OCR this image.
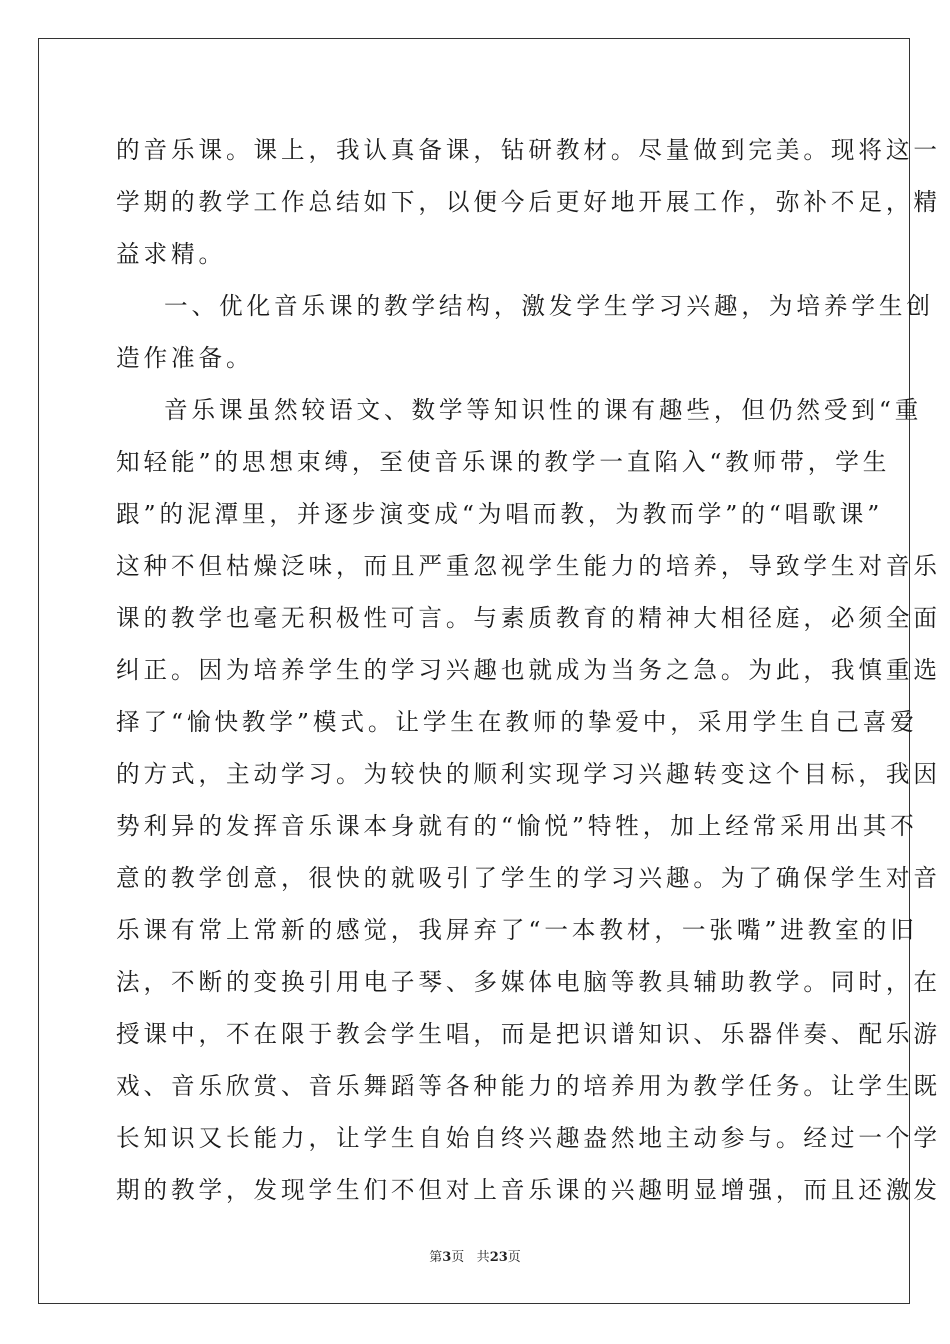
的音乐课。课上，我认真备课，钻研教材。尽量做到完美。现将这一
学期的教学工作总结如下，以便今后更好地开展工作，弥补不足，精
益求精。
一、优化音乐课的教学结构，激发学生学习兴趣，为培养学生创
造作准备。
音乐课虽然较语文、数学等知识性的课有趣些，但仍然受到“重
知轻能”的思想束缚，至使音乐课的教学一直陷入“教师带，学生
跟”的泥潭里，并逐步演变成“为唱而教，为教而学”的“唱歌课”
这种不但枯燥泛味，而且严重忽视学生能力的培养，导致学生对音乐
课的教学也毫无积极性可言。与素质教育的精神大相径庭，必须全面
纠正。因为培养学生的学习兴趣也就成为当务之急。为此，我慎重选
择了“愉快教学”模式。让学生在教师的挚爱中，采用学生自己喜爱
的方式，主动学习。为较快的顺利实现学习兴趣转变这个目标，我因
势利异的发挥音乐课本身就有的“愉悦”特牲，加上经常采用出其不
意的教学创意，很快的就吸引了学生的学习兴趣。为了确保学生对音
乐课有常上常新的感觉，我屏弃了“一本教材，一张嘴”进教室的旧
法，不断的变换引用电子琴、多媒体电脑等教具辅助教学。同时，在
授课中，不在限于教会学生唱，而是把识谱知识、乐器伴奏、配乐游
戏、音乐欣赏、音乐舞蹈等各种能力的培养用为教学任务。让学生既
长知识又长能力，让学生自始自终兴趣盎然地主动参与。经过一个学
期的教学，发现学生们不但对上音乐课的兴趣明显增强，而且还激发
第3页 共23页
